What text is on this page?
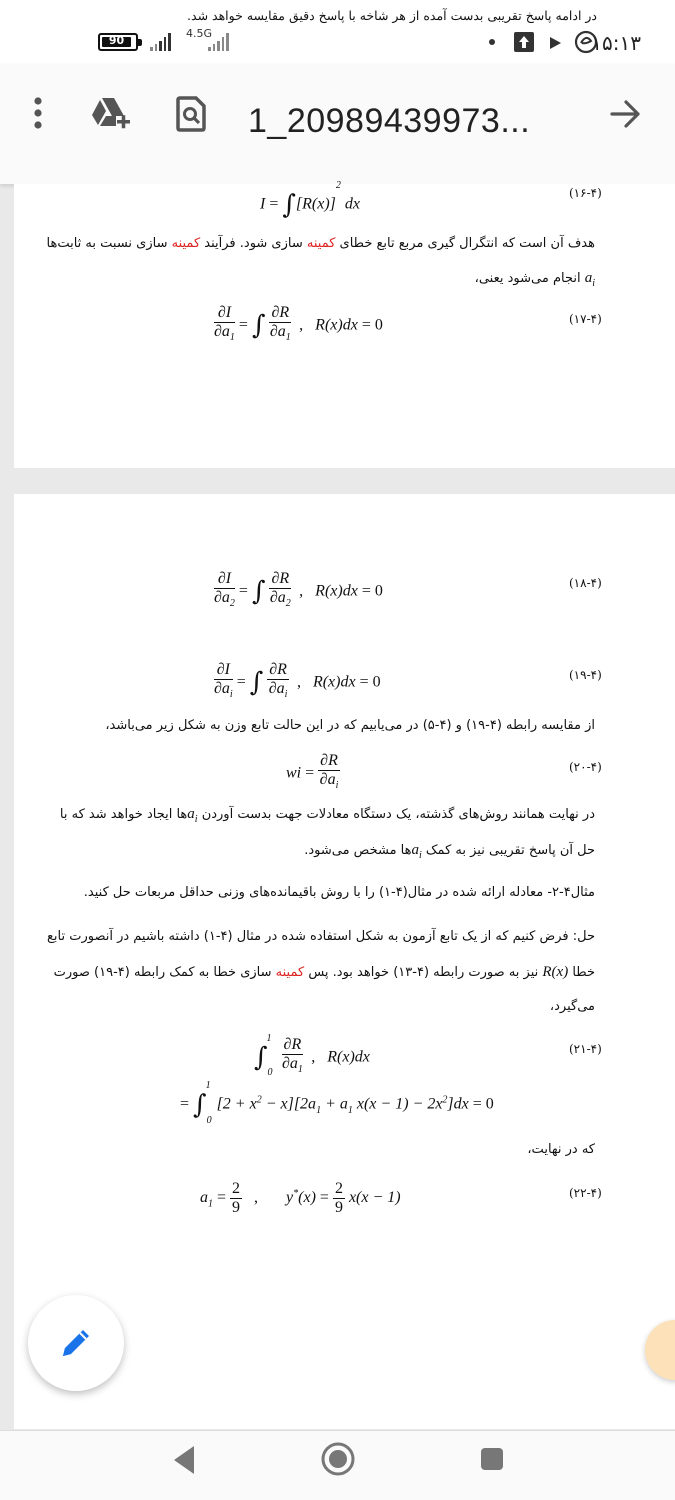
در ادامه پاسخ تقریبی بدست آمده از هر شاخه با پاسخ دقیق مقایسه خواهد شد.
90
4.5G	۱۵:۱۳
1_20989439973...
$I = \int[R(x)]^2$ dx
(۱۶-۴)
هدف آن است که انتگرال گیری مربع تابع خطای کمینه سازی شود. فرآیند کمینه سازی نسبت به ثابت‌ها
$a_i$ انجام می‌شود یعنی،
$\frac{\partial I}{\partial a_1}$ = ∫ $\frac{\partial R}{\partial a_1}$ ,   R(x)dx = 0	(۱۷-۴)
$\frac{\partial I}{\partial a_2}$ = ∫ $\frac{\partial R}{\partial a_2}$ ,   R(x)dx = 0	(۱۸-۴)
$\frac{\partial I}{\partial a_i}$ = ∫ $\frac{\partial R}{\partial a_i}$ ,   R(x)dx = 0	(۱۹-۴)
از مقایسه رابطه (۴-۱۹) و (۴-۵) در می‌یابیم که در این حالت تابع وزن به شکل زیر می‌باشد،
wi = $\frac{\partial R}{\partial a_i}$	(۲۰-۴)
در نهایت همانند روش‌های گذشته، یک دستگاه معادلات جهت بدست آوردن $a_iها$ ایجاد خواهد شد که با
حل آن پاسخ تقریبی نیز به کمک $a_iها$ مشخص می‌شود.
مثال۴-۲- معادله ارائه شده در مثال(۴-۱) را با روش باقیمانده‌های وزنی حداقل مربعات حل کنید.
حل: فرض کنیم که از یک تابع آزمون به شکل استفاده شده در مثال (۴-۱) داشته باشیم در آنصورت تابع
خطا R(x) نیز به صورت رابطه (۴-۱۳) خواهد بود. پس کمینه سازی خطا به کمک رابطه (۴-۱۹) صورت
می‌گیرد،
$\int_0^1 \frac{\partial R}{\partial a_1}$ ,   R(x)dx	(۲۱-۴)
= $\int_0^1[2 + x^2 - x][2a_1 + a_1$ $x(x - 1) - 2x^2]dx = 0$
که در نهایت،
$a_1 = \frac{2}{9}$ ,       $y^*(x) = \frac{2}{9} x(x - 1)$	(۲۲-۴)
